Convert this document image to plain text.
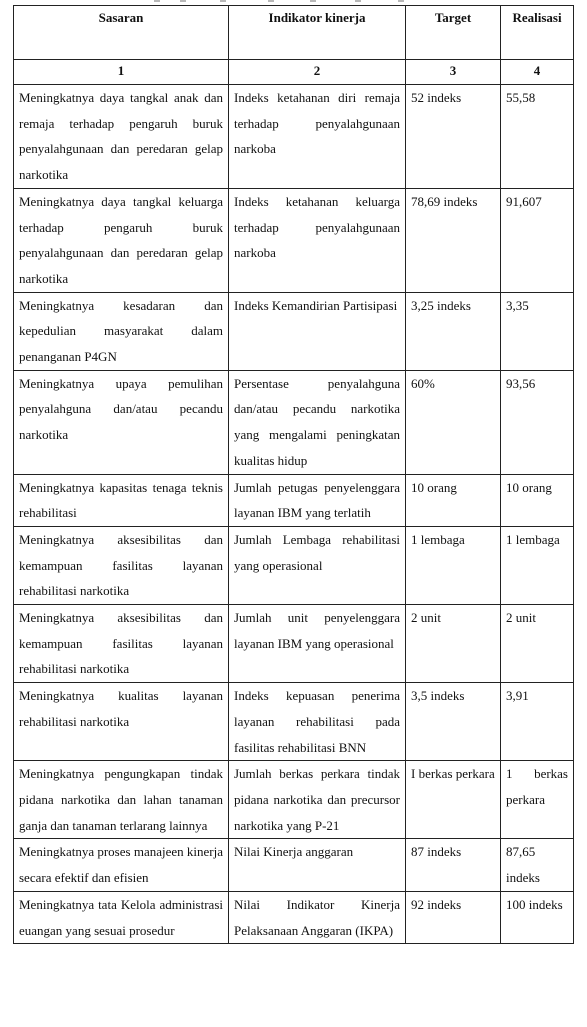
Sasaran	Indikator kinerja	Target	Realisasi
1	2	3	4
Meningkatnya daya tangkal anak dan remaja terhadap pengaruh buruk penyalahgunaan dan peredaran gelap narkotika	Indeks ketahanan diri remaja terhadap penyalahgunaan narkoba	52 indeks	55,58
Meningkatnya daya tangkal keluarga terhadap pengaruh buruk penyalahgunaan dan peredaran gelap narkotika	Indeks ketahanan keluarga terhadap penyalahgunaan narkoba	78,69 indeks	91,607
Meningkatnya kesadaran dan kepedulian masyarakat dalam penanganan P4GN	Indeks Kemandirian Partisipasi	3,25 indeks	3,35
Meningkatnya upaya pemulihan penyalahguna dan/atau pecandu narkotika	Persentase penyalahguna dan/atau pecandu narkotika yang mengalami peningkatan kualitas hidup	60%	93,56
Meningkatnya kapasitas tenaga teknis rehabilitasi	Jumlah petugas penyelenggara layanan IBM yang terlatih	10 orang	10 orang
Meningkatnya aksesibilitas dan kemampuan fasilitas layanan rehabilitasi narkotika	Jumlah Lembaga rehabilitasi yang operasional	1 lembaga	1 lembaga
Meningkatnya aksesibilitas dan kemampuan fasilitas layanan rehabilitasi narkotika	Jumlah unit penyelenggara layanan IBM yang operasional	2 unit	2 unit
Meningkatnya kualitas layanan rehabilitasi narkotika	Indeks kepuasan penerima layanan rehabilitasi pada fasilitas rehabilitasi BNN	3,5 indeks	3,91
Meningkatnya pengungkapan tindak pidana narkotika dan lahan tanaman ganja dan tanaman terlarang lainnya	Jumlah berkas perkara tindak pidana narkotika dan precursor narkotika yang P-21	I berkas perkara	1 berkas perkara
Meningkatnya proses manajeen kinerja secara efektif dan efisien	Nilai Kinerja anggaran	87 indeks	87,65 indeks
Meningkatnya tata Kelola administrasi euangan yang sesuai prosedur	Nilai Indikator Kinerja Pelaksanaan Anggaran (IKPA)	92 indeks	100 indeks
